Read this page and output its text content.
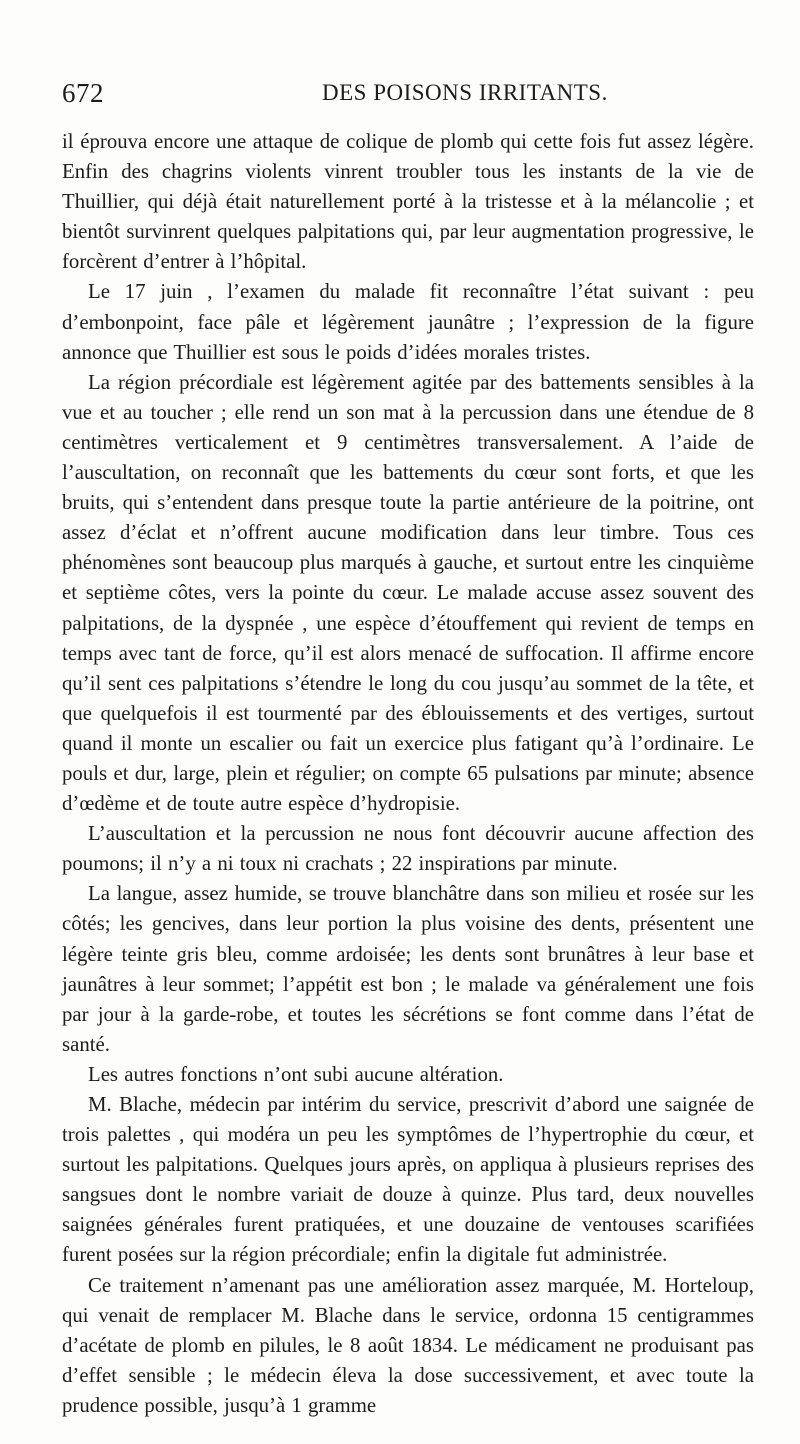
672	DES POISONS IRRITANTS.

il éprouva encore une attaque de colique de plomb qui cette fois fut assez légère. Enfin des chagrins violents vinrent troubler tous les instants de la vie de Thuillier, qui déjà était naturellement porté à la tristesse et à la mélancolie ; et bientôt survinrent quelques palpitations qui, par leur augmentation progressive, le forcèrent d’entrer à l’hôpital.

Le 17 juin , l’examen du malade fit reconnaître l’état suivant : peu d’embonpoint, face pâle et légèrement jaunâtre ; l’expression de la figure annonce que Thuillier est sous le poids d’idées morales tristes.

La région précordiale est légèrement agitée par des battements sensibles à la vue et au toucher ; elle rend un son mat à la percussion dans une étendue de 8 centimètres verticalement et 9 centimètres transversalement. A l’aide de l’auscultation, on reconnaît que les battements du cœur sont forts, et que les bruits, qui s’entendent dans presque toute la partie antérieure de la poitrine, ont assez d’éclat et n’offrent aucune modification dans leur timbre. Tous ces phénomènes sont beaucoup plus marqués à gauche, et surtout entre les cinquième et septième côtes, vers la pointe du cœur. Le malade accuse assez souvent des palpitations, de la dyspnée , une espèce d’étouffement qui revient de temps en temps avec tant de force, qu’il est alors menacé de suffocation. Il affirme encore qu’il sent ces palpitations s’étendre le long du cou jusqu’au sommet de la tête, et que quelquefois il est tourmenté par des éblouissements et des vertiges, surtout quand il monte un escalier ou fait un exercice plus fatigant qu’à l’ordinaire. Le pouls et dur, large, plein et régulier; on compte 65 pulsations par minute; absence d’œdème et de toute autre espèce d’hydropisie.

L’auscultation et la percussion ne nous font découvrir aucune affection des poumons; il n’y a ni toux ni crachats ; 22 inspirations par minute.

La langue, assez humide, se trouve blanchâtre dans son milieu et rosée sur les côtés; les gencives, dans leur portion la plus voisine des dents, présentent une légère teinte gris bleu, comme ardoisée; les dents sont brunâtres à leur base et jaunâtres à leur sommet; l’appétit est bon ; le malade va généralement une fois par jour à la garde-robe, et toutes les sécrétions se font comme dans l’état de santé.

Les autres fonctions n’ont subi aucune altération.

M. Blache, médecin par intérim du service, prescrivit d’abord une saignée de trois palettes , qui modéra un peu les symptômes de l’hypertrophie du cœur, et surtout les palpitations. Quelques jours après, on appliqua à plusieurs reprises des sangsues dont le nombre variait de douze à quinze. Plus tard, deux nouvelles saignées générales furent pratiquées, et une douzaine de ventouses scarifiées furent posées sur la région précordiale; enfin la digitale fut administrée.

Ce traitement n’amenant pas une amélioration assez marquée, M. Horteloup, qui venait de remplacer M. Blache dans le service, ordonna 15 centigrammes d’acétate de plomb en pilules, le 8 août 1834. Le médicament ne produisant pas d’effet sensible ; le médecin éleva la dose successivement, et avec toute la prudence possible, jusqu’à 1 gramme
